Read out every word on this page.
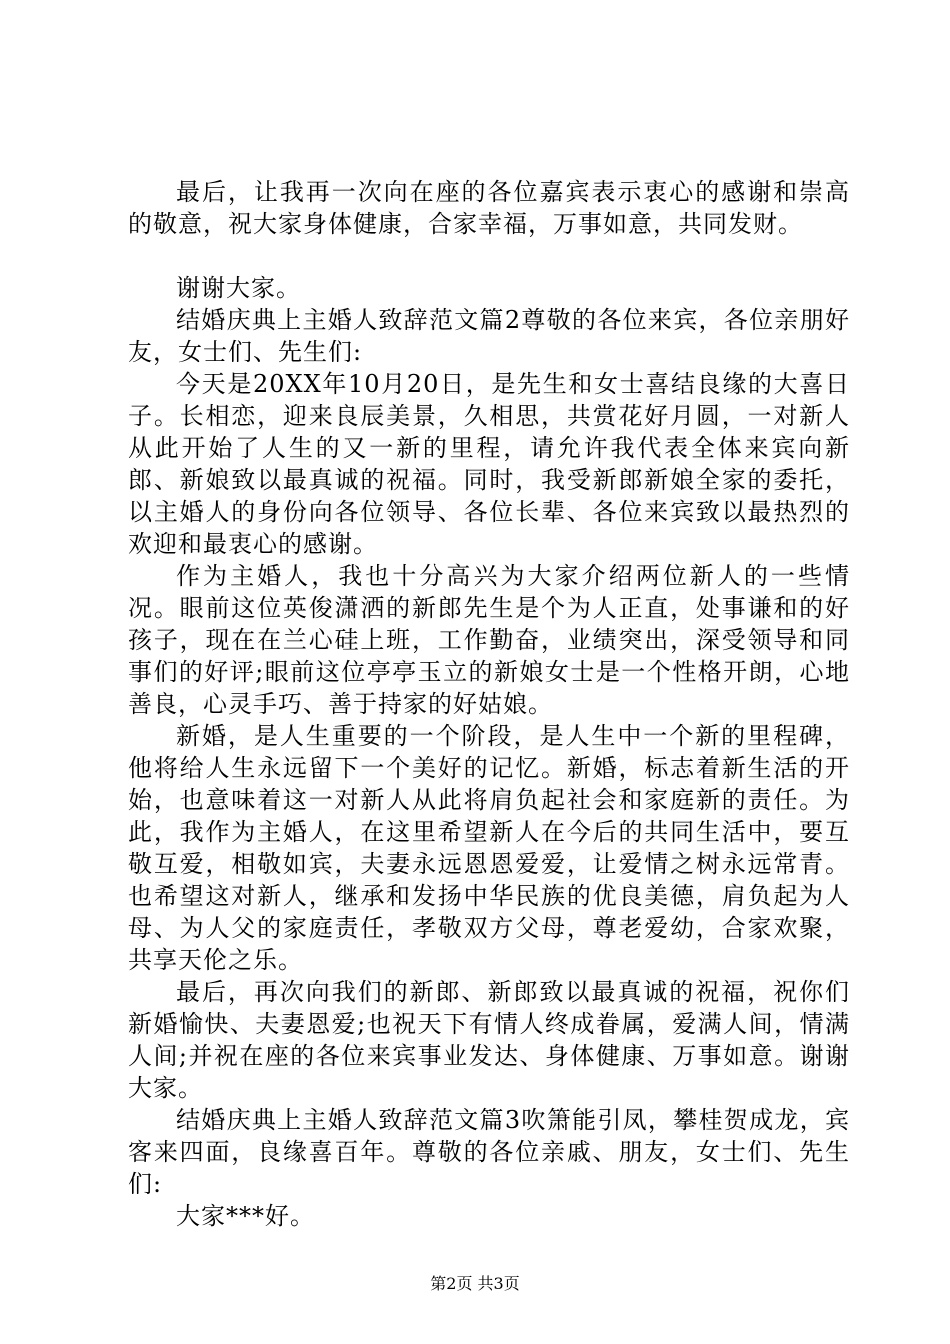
最后，让我再一次向在座的各位嘉宾表示衷心的感谢和崇高的敬意，祝大家身体健康，合家幸福，万事如意，共同发财。

谢谢大家。

结婚庆典上主婚人致辞范文篇2尊敬的各位来宾，各位亲朋好友，女士们、先生们:

今天是20XX年10月20日，是先生和女士喜结良缘的大喜日子。长相恋，迎来良辰美景，久相思，共赏花好月圆，一对新人从此开始了人生的又一新的里程，请允许我代表全体来宾向新郎、新娘致以最真诚的祝福。同时，我受新郎新娘全家的委托，以主婚人的身份向各位领导、各位长辈、各位来宾致以最热烈的欢迎和最衷心的感谢。

作为主婚人，我也十分高兴为大家介绍两位新人的一些情况。眼前这位英俊潇洒的新郎先生是个为人正直，处事谦和的好孩子，现在在兰心硅上班，工作勤奋，业绩突出，深受领导和同事们的好评;眼前这位亭亭玉立的新娘女士是一个性格开朗，心地善良，心灵手巧、善于持家的好姑娘。

新婚，是人生重要的一个阶段，是人生中一个新的里程碑，他将给人生永远留下一个美好的记忆。新婚，标志着新生活的开始，也意味着这一对新人从此将肩负起社会和家庭新的责任。为此，我作为主婚人，在这里希望新人在今后的共同生活中，要互敬互爱，相敬如宾，夫妻永远恩恩爱爱，让爱情之树永远常青。也希望这对新人，继承和发扬中华民族的优良美德，肩负起为人母、为人父的家庭责任，孝敬双方父母，尊老爱幼，合家欢聚，共享天伦之乐。

最后，再次向我们的新郎、新郎致以最真诚的祝福，祝你们新婚愉快、夫妻恩爱;也祝天下有情人终成眷属，爱满人间，情满人间;并祝在座的各位来宾事业发达、身体健康、万事如意。谢谢大家。

结婚庆典上主婚人致辞范文篇3吹箫能引凤，攀桂贺成龙，宾客来四面，良缘喜百年。尊敬的各位亲戚、朋友，女士们、先生们:

大家***好。

第2页 共3页
